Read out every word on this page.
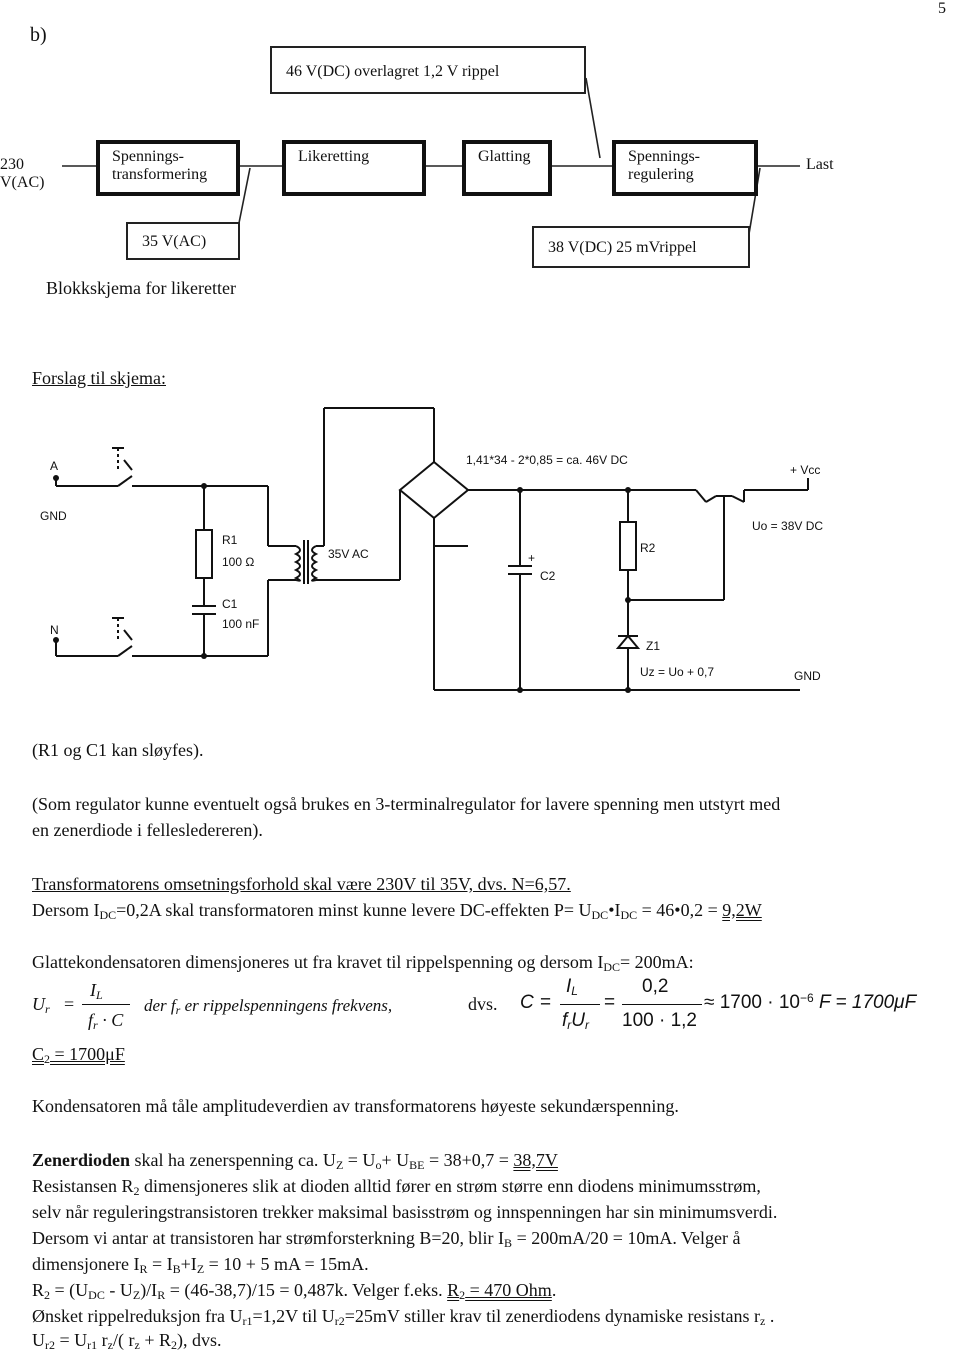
5
b)
46 V(DC) overlagret 1,2 V rippel
230
V(AC)
Spennings-
transformering
Likeretting	Glatting	Spennings-
regulering
Last
35 V(AC)	38 V(DC) 25 mVrippel
Blokkskjema for likeretter
Forslag til skjema:
A
GND
N
R1
100 Ω
C1
100 nF
35V AC
1,41*34 - 2*0,85 = ca. 46V DC
+
C2
R2
Z1
Uz = Uo + 0,7
+ Vcc
Uo = 38V DC
GND
(R1 og C1 kan sløyfes).
(Som regulator kunne eventuelt også brukes en 3-terminalregulator for lavere spenning men utstyrt med
en zenerdiode i fellesledereren).
Transformatorens omsetningsforhold skal være 230V til 35V, dvs. N=6,57.
Dersom $I_{DC}=0,2A$ skal transformatoren minst kunne levere DC-effekten $P= U_{DC}•I_{DC}$ = 46•0,2 = 9,2W
Glattekondensatoren dimensjoneres ut fra kravet til rippelspenning og dersom $I_{DC}= 200mA$:
$U_r$ =
$I_L$
$f_r \cdot C$
der $f_r$ er rippelspenningens frekvens,	dvs. C =
$I_L$
$f_rU_r$
=
0,2
100 · 1,2
≈ $1700 \cdot 10^{-6}$ F = 1700μF
$C_2 = 1700\mu F$
Kondensatoren må tåle amplitudeverdien av transformatorens høyeste sekundærspenning.
Zenerdioden skal ha zenerspenning ca. $U_Z = U_o+ U_{BE} = 38+0,7 = 38,7V$
Resistansen $R_2$ dimensjoneres slik at dioden alltid fører en strøm større enn diodens minimumsstrøm,
selv når reguleringstransistoren trekker maksimal basisstrøm og innspenningen har sin minimumsverdi.
Dersom vi antar at transistoren har strømforsterkning B=20, blir $I_B = 200mA/20 = 10mA$. Velger å
dimensjonere $I_R = I_B+I_Z = 10 + 5$ mA = 15mA.
$R_2 = (U_{DC} - U_Z)/I_R = (46-38,7)/15 = 0,487k$. Velger f.eks. $R_2 = 470$ Ohm.
Ønsket rippelreduksjon fra $U_{r1}=1,2V$ til $U_{r2}=25mV$ stiller krav til zenerdiodens dynamiske resistans $r_z$ .
$U_{r2} = U_{r1}$ $r_z/$( $r_z + R_2$), dvs.
